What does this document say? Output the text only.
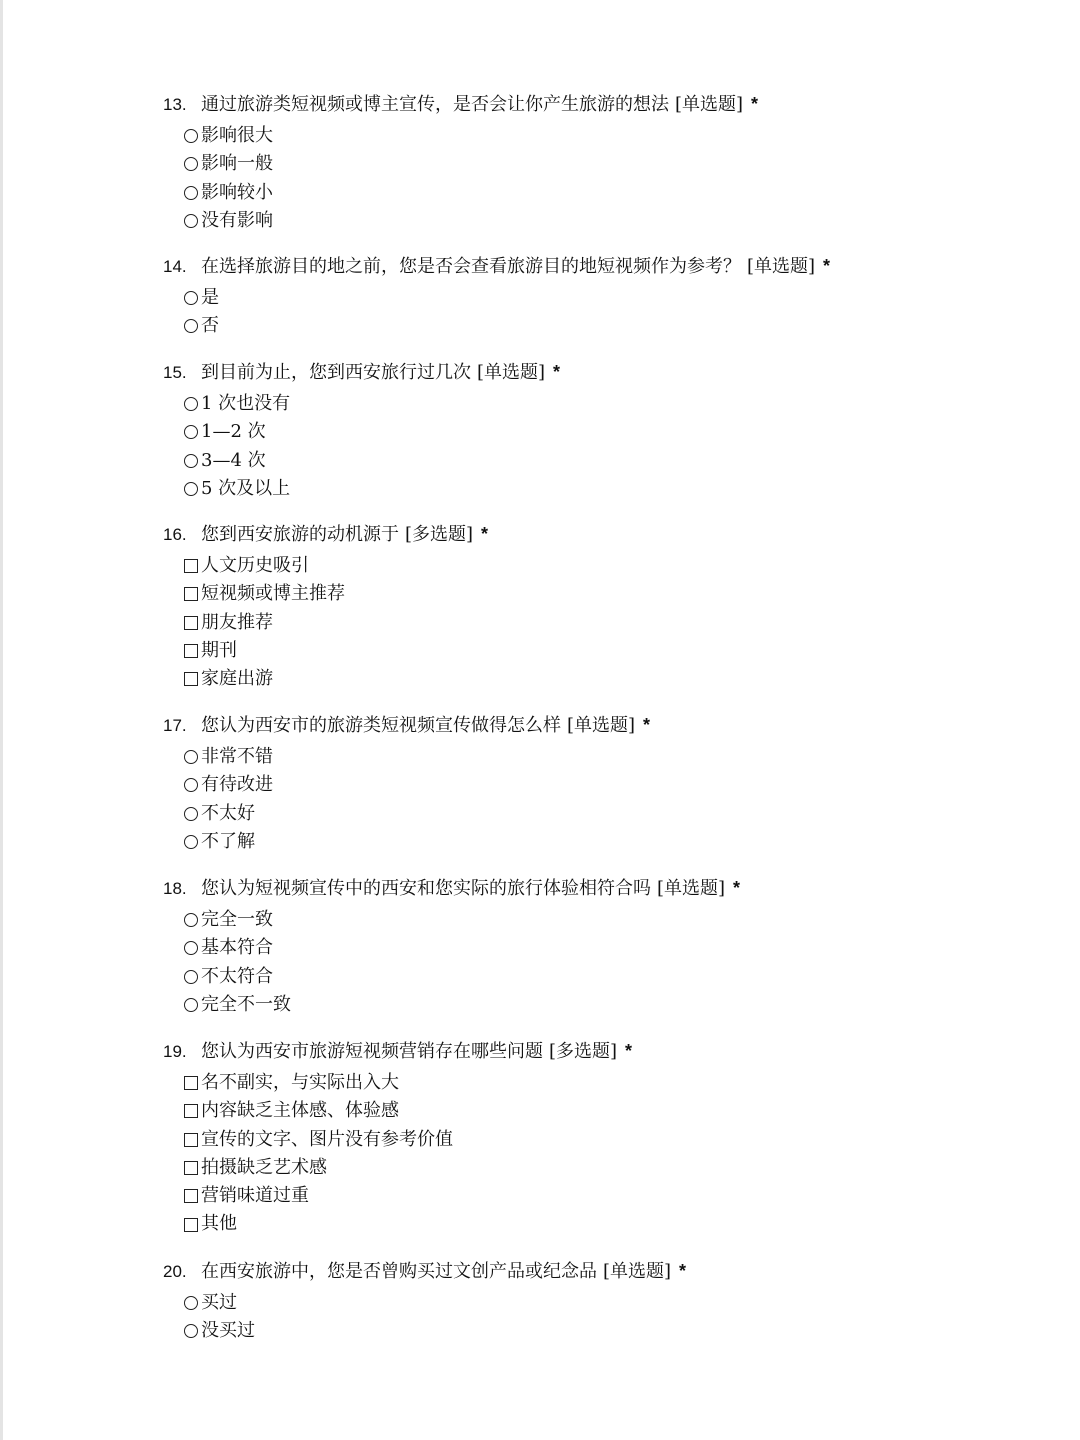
13. 通过旅游类短视频或博主宣传，是否会让你产生旅游的想法 [单选题] *
影响很大
影响一般
影响较小
没有影响
14. 在选择旅游目的地之前，您是否会查看旅游目的地短视频作为参考？ [单选题] *
是
否
15. 到目前为止，您到西安旅行过几次 [单选题] *
1 次也没有
1—2 次
3—4 次
5 次及以上
16. 您到西安旅游的动机源于 [多选题] *
人文历史吸引
短视频或博主推荐
朋友推荐
期刊
家庭出游
17. 您认为西安市的旅游类短视频宣传做得怎么样 [单选题] *
非常不错
有待改进
不太好
不了解
18. 您认为短视频宣传中的西安和您实际的旅行体验相符合吗 [单选题] *
完全一致
基本符合
不太符合
完全不一致
19. 您认为西安市旅游短视频营销存在哪些问题 [多选题] *
名不副实，与实际出入大
内容缺乏主体感、体验感
宣传的文字、图片没有参考价值
拍摄缺乏艺术感
营销味道过重
其他
20. 在西安旅游中，您是否曾购买过文创产品或纪念品 [单选题] *
买过
没买过
